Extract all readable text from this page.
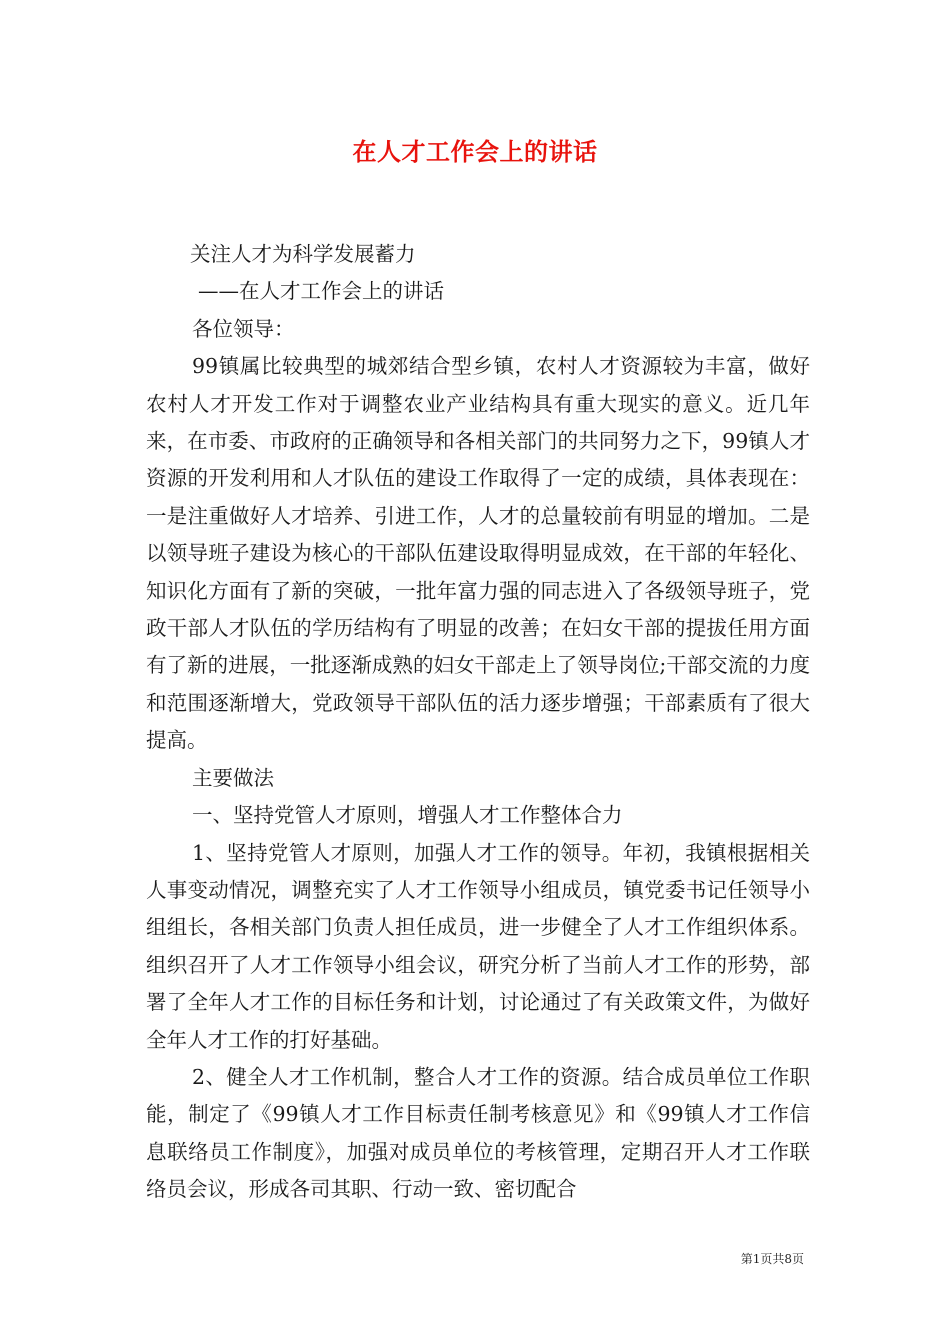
在人才工作会上的讲话

关注人才为科学发展蓄力

——在人才工作会上的讲话

各位领导：

99镇属比较典型的城郊结合型乡镇，农村人才资源较为丰富，做好农村人才开发工作对于调整农业产业结构具有重大现实的意义。近几年来，在市委、市政府的正确领导和各相关部门的共同努力之下，99镇人才资源的开发利用和人才队伍的建设工作取得了一定的成绩，具体表现在：一是注重做好人才培养、引进工作，人才的总量较前有明显的增加。二是以领导班子建设为核心的干部队伍建设取得明显成效，在干部的年轻化、知识化方面有了新的突破，一批年富力强的同志进入了各级领导班子，党政干部人才队伍的学历结构有了明显的改善；在妇女干部的提拔任用方面有了新的进展，一批逐渐成熟的妇女干部走上了领导岗位;干部交流的力度和范围逐渐增大，党政领导干部队伍的活力逐步增强；干部素质有了很大提高。

主要做法

一、坚持党管人才原则，增强人才工作整体合力

1、坚持党管人才原则，加强人才工作的领导。年初，我镇根据相关人事变动情况，调整充实了人才工作领导小组成员，镇党委书记任领导小组组长，各相关部门负责人担任成员，进一步健全了人才工作组织体系。组织召开了人才工作领导小组会议，研究分析了当前人才工作的形势，部署了全年人才工作的目标任务和计划，讨论通过了有关政策文件，为做好全年人才工作的打好基础。

2、健全人才工作机制，整合人才工作的资源。结合成员单位工作职能，制定了《99镇人才工作目标责任制考核意见》和《99镇人才工作信息联络员工作制度》，加强对成员单位的考核管理，定期召开人才工作联络员会议，形成各司其职、行动一致、密切配合

第1页共8页
